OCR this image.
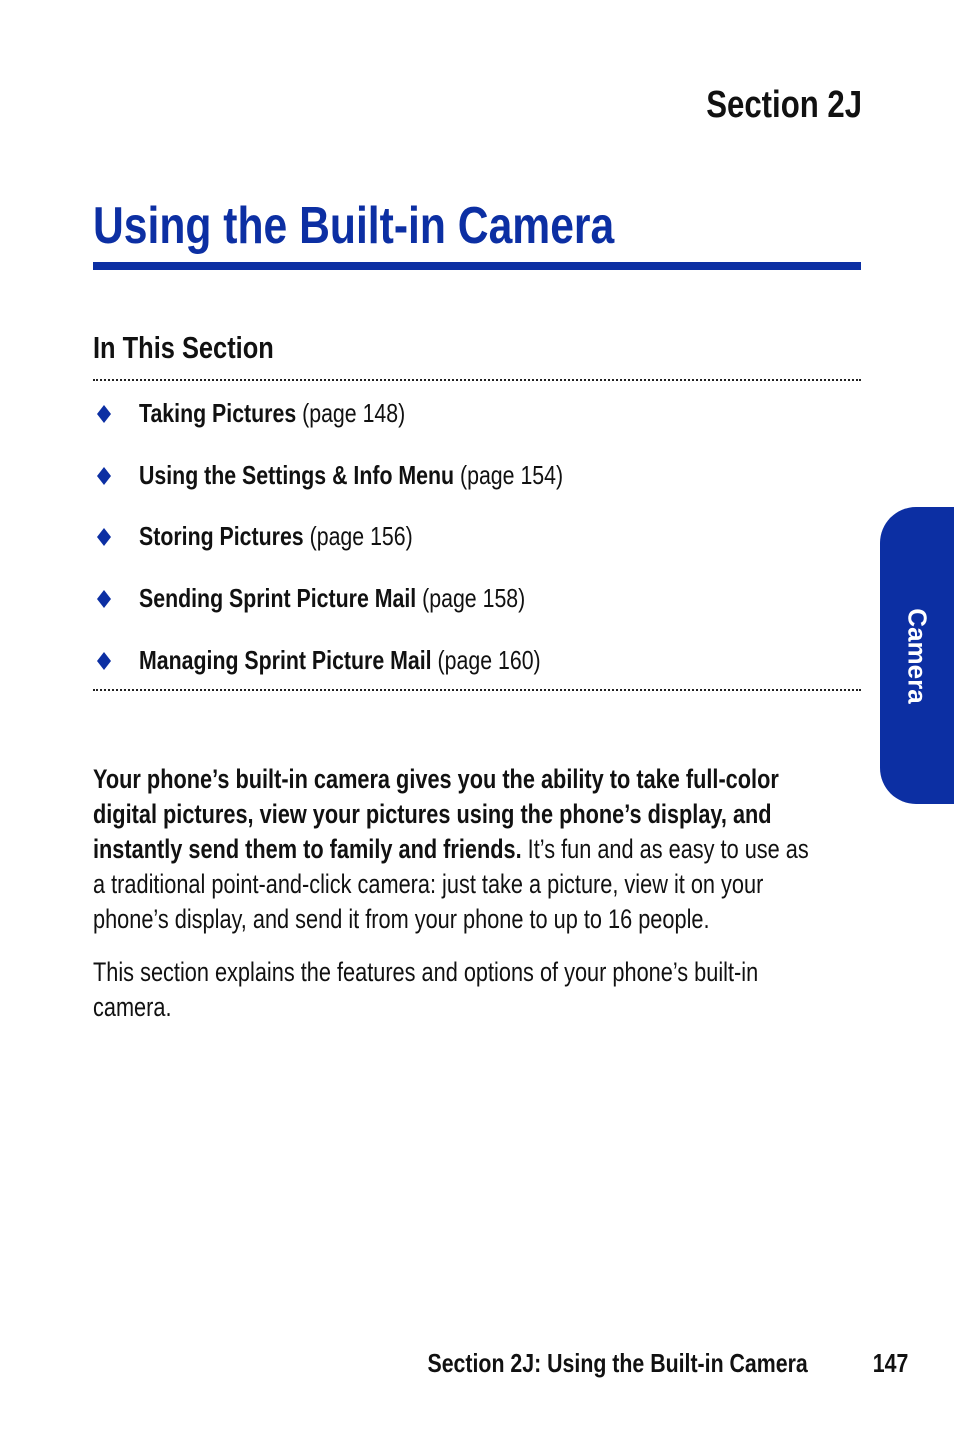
Section 2J
Using the Built-in Camera
In This Section
Taking Pictures (page 148)
Using the Settings & Info Menu (page 154)
Storing Pictures (page 156)
Sending Sprint Picture Mail (page 158)
Managing Sprint Picture Mail (page 160)

Your phone’s built-in camera gives you the ability to take full-color digital pictures, view your pictures using the phone’s display, and instantly send them to family and friends. It’s fun and as easy to use as a traditional point-and-click camera: just take a picture, view it on your phone’s display, and send it from your phone to up to 16 people.

This section explains the features and options of your phone’s built-in camera.

Camera
Section 2J: Using the Built-in Camera	147
